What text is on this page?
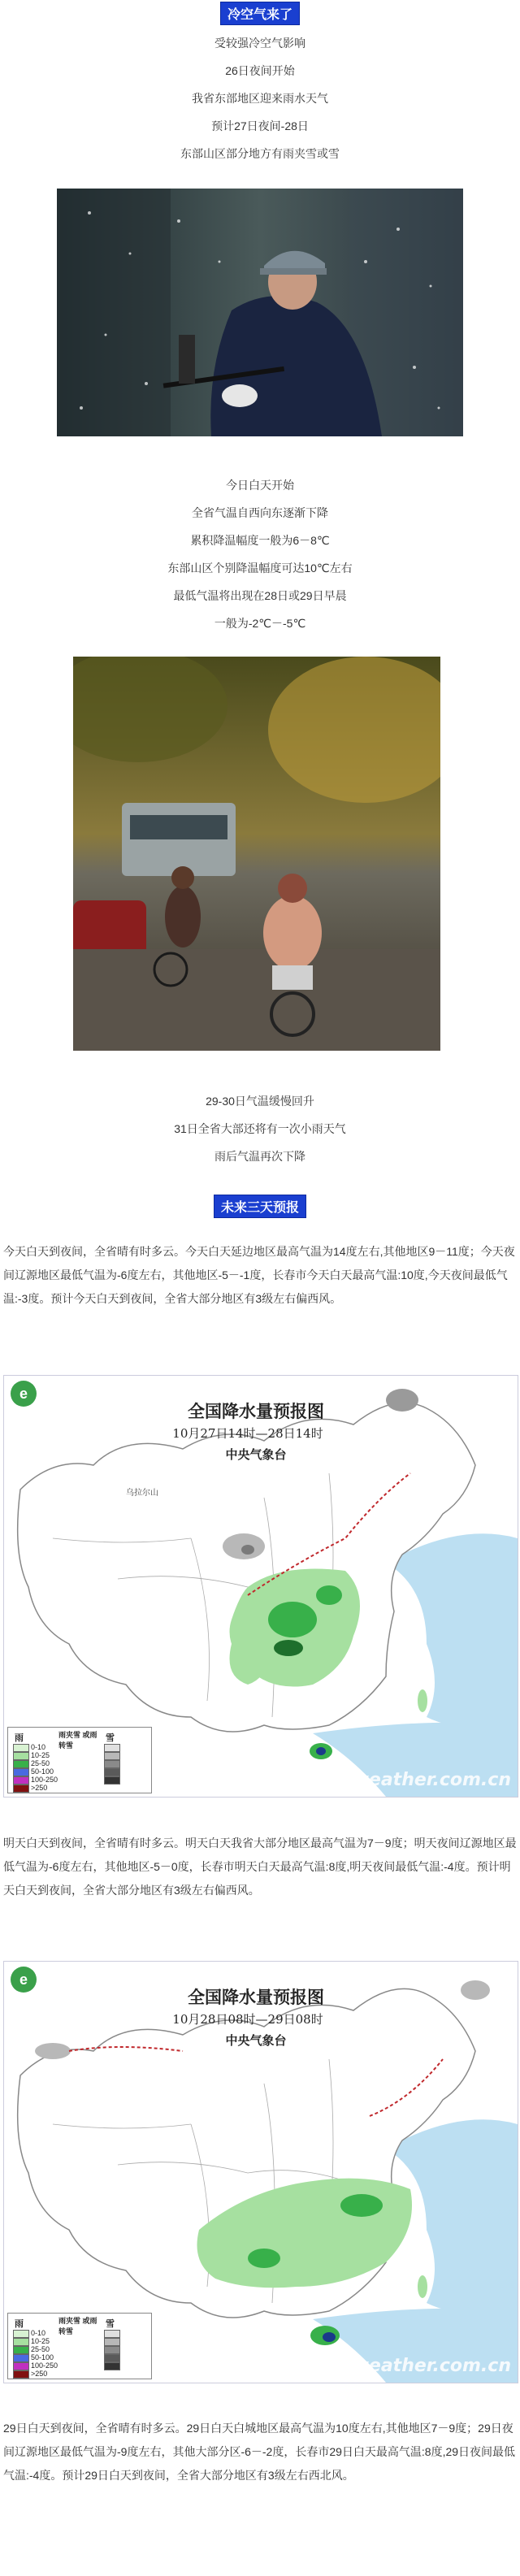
冷空气来了
受较强冷空气影响
26日夜间开始
我省东部地区迎来雨水天气
预计27日夜间-28日
东部山区部分地方有雨夹雪或雪
今日白天开始
全省气温自西向东逐渐下降
累积降温幅度一般为6－8℃
东部山区个别降温幅度可达10℃左右
最低气温将出现在28日或29日早晨
一般为-2℃－-5℃
29-30日气温缓慢回升
31日全省大部还将有一次小雨天气
雨后气温再次下降
未来三天预报
今天白天到夜间，全省晴有时多云。今天白天延边地区最高气温为14度左右,其他地区9－11度；今天夜间辽源地区最低气温为-6度左右，其他地区-5－-1度，长春市今天白天最高气温:10度,今天夜间最低气温:-3度。预计今天白天到夜间，全省大部分地区有3级左右偏西风。
e
全国降水量预报图
10月27日14时—28日14时
中央气象台
乌拉尔山
雨	雨夹雪 或雨转雪
雪
0-10
10-25
25-50
50-100
100-250
>250	weather.com.cn
明天白天到夜间，全省晴有时多云。明天白天我省大部分地区最高气温为7－9度；明天夜间辽源地区最低气温为-6度左右，其他地区-5－0度，长春市明天白天最高气温:8度,明天夜间最低气温:-4度。预计明天白天到夜间，全省大部分地区有3级左右偏西风。
e
全国降水量预报图
10月28日08时—29日08时
中央气象台
雨	雨夹雪 或雨转雪
雪
0-10
10-25
25-50
50-100
100-250
>250	weather.com.cn
29日白天到夜间，全省晴有时多云。29日白天白城地区最高气温为10度左右,其他地区7－9度；29日夜间辽源地区最低气温为-9度左右，其他大部分区-6－-2度，长春市29日白天最高气温:8度,29日夜间最低气温:-4度。预计29日白天到夜间，全省大部分地区有3级左右西北风。
